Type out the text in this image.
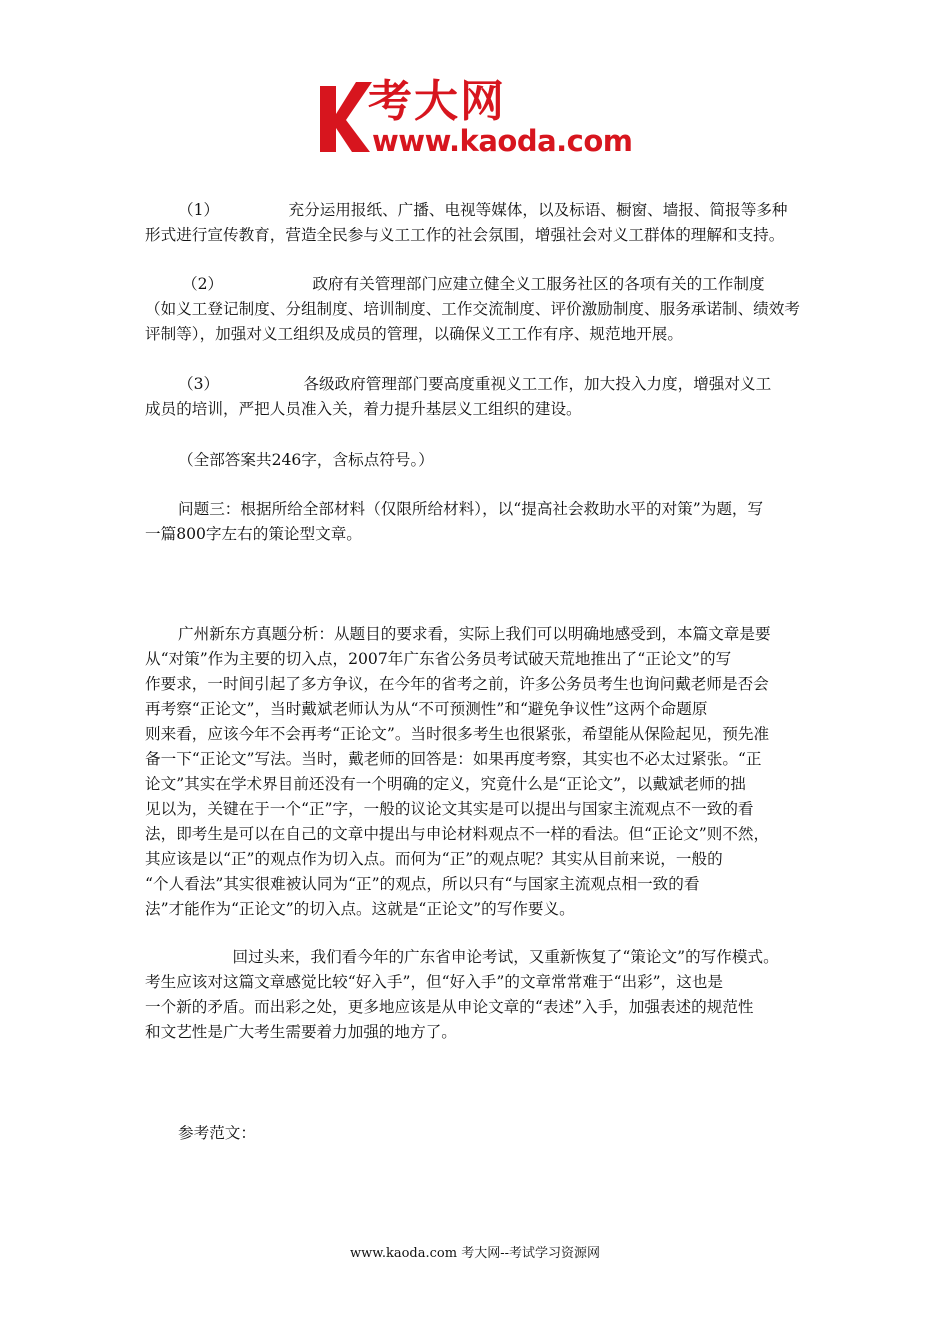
考大网
www.kaoda.com
（1）              充分运用报纸、广播、电视等媒体，以及标语、橱窗、墙报、简报等多种
形式进行宣传教育，营造全民参与义工工作的社会氛围，增强社会对义工群体的理解和支持。
（2）                  政府有关管理部门应建立健全义工服务社区的各项有关的工作制度
（如义工登记制度、分组制度、培训制度、工作交流制度、评价激励制度、服务承诺制、绩效考
评制等），加强对义工组织及成员的管理，以确保义工工作有序、规范地开展。
（3）                 各级政府管理部门要高度重视义工工作，加大投入力度，增强对义工
成员的培训，严把人员准入关，着力提升基层义工组织的建设。
（全部答案共246字，含标点符号。）
问题三：根据所给全部材料（仅限所给材料），以“提高社会救助水平的对策”为题，写
一篇800字左右的策论型文章。
广州新东方真题分析：从题目的要求看，实际上我们可以明确地感受到，本篇文章是要
从“对策”作为主要的切入点，2007年广东省公务员考试破天荒地推出了“正论文”的写
作要求，一时间引起了多方争议，在今年的省考之前，许多公务员考生也询问戴老师是否会
再考察“正论文”，当时戴斌老师认为从“不可预测性”和“避免争议性”这两个命题原
则来看，应该今年不会再考“正论文”。当时很多考生也很紧张，希望能从保险起见，预先准
备一下“正论文”写法。当时，戴老师的回答是：如果再度考察，其实也不必太过紧张。“正
论文”其实在学术界目前还没有一个明确的定义，究竟什么是“正论文”，以戴斌老师的拙
见以为，关键在于一个“正”字，一般的议论文其实是可以提出与国家主流观点不一致的看
法，即考生是可以在自己的文章中提出与申论材料观点不一样的看法。但“正论文”则不然，
其应该是以“正”的观点作为切入点。而何为“正”的观点呢？其实从目前来说，一般的
“个人看法”其实很难被认同为“正”的观点，所以只有“与国家主流观点相一致的看
法”才能作为“正论文”的切入点。这就是“正论文”的写作要义。
回过头来，我们看今年的广东省申论考试，又重新恢复了“策论文”的写作模式。
考生应该对这篇文章感觉比较“好入手”，但“好入手”的文章常常难于“出彩”，这也是
一个新的矛盾。而出彩之处，更多地应该是从申论文章的“表述”入手，加强表述的规范性
和文艺性是广大考生需要着力加强的地方了。
参考范文：
www.kaoda.com 考大网--考试学习资源网
